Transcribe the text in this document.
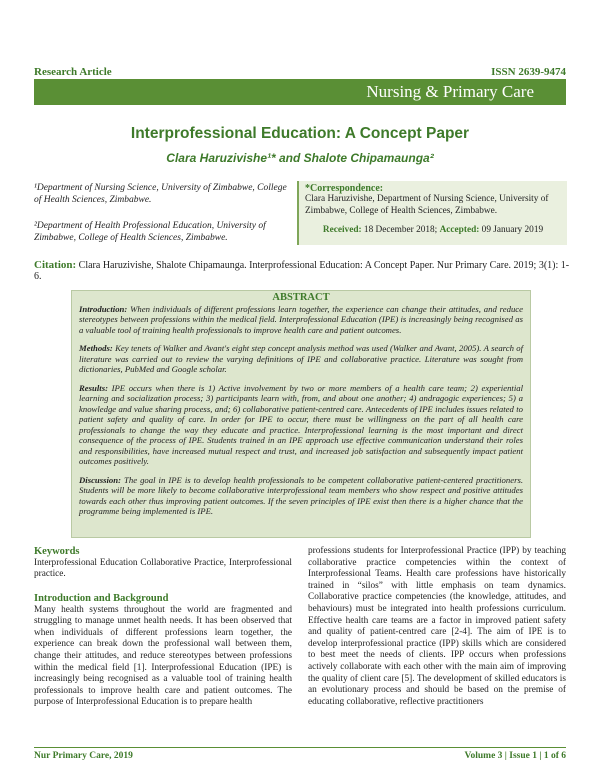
Research Article	ISSN 2639-9474
Nursing & Primary Care
Interprofessional Education: A Concept Paper
Clara Haruzivishe¹* and Shalote Chipamaunga²
¹Department of Nursing Science, University of Zimbabwe, College of Health Sciences, Zimbabwe.
²Department of Health Professional Education, University of Zimbabwe, College of Health Sciences, Zimbabwe.
*Correspondence:
Clara Haruzivishe, Department of Nursing Science, University of Zimbabwe, College of Health Sciences, Zimbabwe.
Received: 18 December 2018; Accepted: 09 January 2019
Citation: Clara Haruzivishe, Shalote Chipamaunga. Interprofessional Education: A Concept Paper. Nur Primary Care. 2019; 3(1): 1-6.
ABSTRACT

Introduction: When individuals of different professions learn together, the experience can change their attitudes, and reduce stereotypes between professions within the medical field. Interprofessional Education (IPE) is increasingly being recognised as a valuable tool of training health professionals to improve health care and patient outcomes.

Methods: Key tenets of Walker and Avant's eight step concept analysis method was used (Walker and Avant, 2005). A search of literature was carried out to review the varying definitions of IPE and collaborative practice. Literature was sought from dictionaries, PubMed and Google scholar.

Results: IPE occurs when there is 1) Active involvement by two or more members of a health care team; 2) experiential learning and socialization process; 3) participants learn with, from, and about one another; 4) andragogic experiences; 5) a knowledge and value sharing process, and; 6) collaborative patient-centred care. Antecedents of IPE includes issues related to patient safety and quality of care. In order for IPE to occur, there must be willingness on the part of all health care professionals to change the way they educate and practice. Interprofessional learning is the most important and direct consequence of the process of IPE. Students trained in an IPE approach use effective communication understand their roles and responsibilities, have increased mutual respect and trust, and increased job satisfaction and subsequently impact patient outcomes positively.

Discussion: The goal in IPE is to develop health professionals to be competent collaborative patient-centered practitioners. Students will be more likely to become collaborative interprofessional team members who show respect and positive attitudes towards each other thus improving patient outcomes. If the seven principles of IPE exist then there is a higher chance that the programme being implemented is IPE.

Keywords
Interprofessional Education Collaborative Practice, Interprofessional practice.
Introduction and Background
Many health systems throughout the world are fragmented and struggling to manage unmet health needs. It has been observed that when individuals of different professions learn together, the experience can break down the professional wall between them, change their attitudes, and reduce stereotypes between professions within the medical field [1]. Interprofessional Education (IPE) is increasingly being recognised as a valuable tool of training health professionals to improve health care and patient outcomes. The purpose of Interprofessional Education is to prepare health
professions students for Interprofessional Practice (IPP) by teaching collaborative practice competencies within the context of Interprofessional Teams. Health care professions have historically trained in “silos” with little emphasis on team dynamics. Collaborative practice competencies (the knowledge, attitudes, and behaviours) must be integrated into health professions curriculum. Effective health care teams are a factor in improved patient safety and quality of patient-centred care [2-4]. The aim of IPE is to develop interprofessional practice (IPP) skills which are considered to best meet the needs of clients. IPP occurs when professions actively collaborate with each other with the main aim of improving the quality of client care [5]. The development of skilled educators is an evolutionary process and should be based on the premise of educating collaborative, reflective practitioners
Nur Primary Care, 2019	Volume 3 | Issue 1 | 1 of 6
